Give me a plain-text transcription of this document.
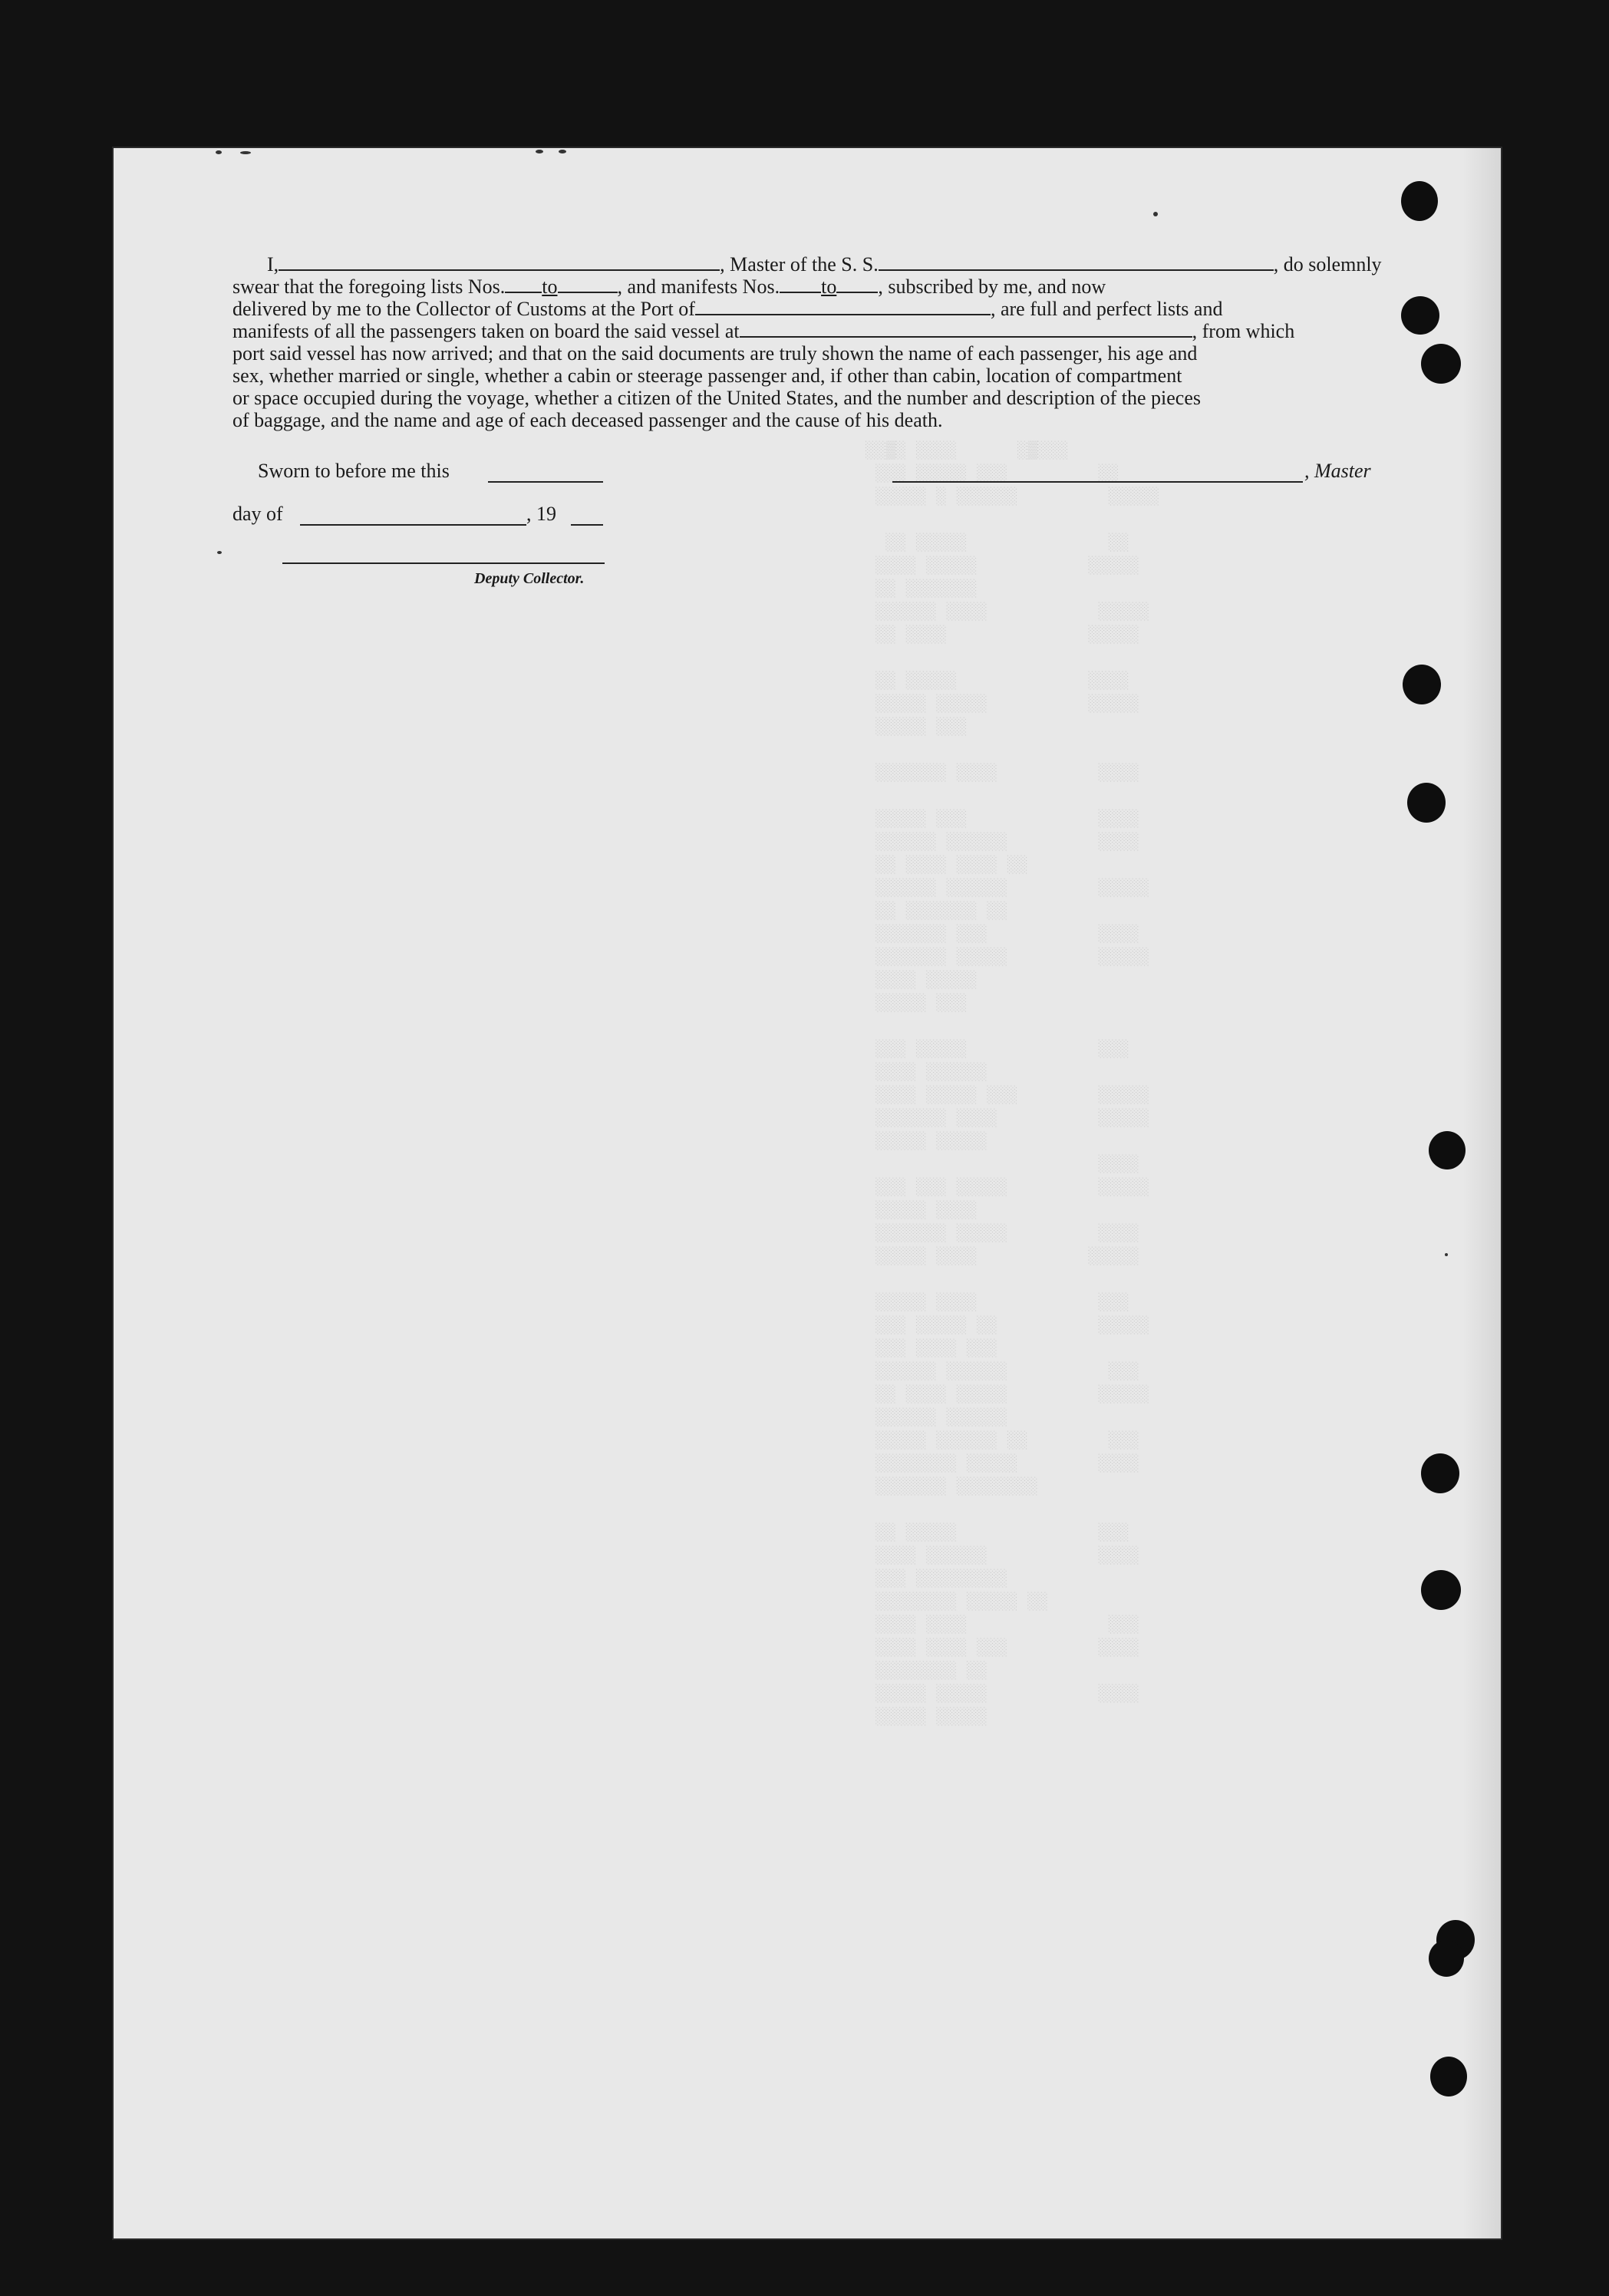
░░▒░ ░░░░      ░▒░░░
░░░ ░░░░░ ░░░         ░░
░░░░░ ░ ░░░░░░         ░░░░░

░░ ░░░░░              ░░
░░░░ ░░░░░           ░░░░░
░░ ░░░░░░░
░░░░░░ ░░░░           ░░░░░
░░ ░░░░              ░░░░░

░░ ░░░░░             ░░░░
░░░░░ ░░░░░          ░░░░░
░░░░░ ░░░

░░░░░░░ ░░░░          ░░░░

░░░░░ ░░░             ░░░░
░░░░░░ ░░░░░░         ░░░░
░░ ░░░░ ░░░░ ░░
░░░░░░ ░░░░░░         ░░░░░
░░ ░░░░░░░ ░░
░░░░░░░ ░░░           ░░░░
░░░░░░░ ░░░░░         ░░░░░
░░░░ ░░░░░
░░░░░ ░░░

░░░ ░░░░░             ░░░
░░░░ ░░░░░░
░░░░ ░░░░░ ░░░        ░░░░░
░░░░░░░ ░░░░          ░░░░░
░░░░░ ░░░░░
░░░░
░░░ ░░░ ░░░░░         ░░░░░
░░░░░ ░░░░
░░░░░░░ ░░░░░         ░░░░
░░░░░ ░░░░           ░░░░░

░░░░░ ░░░░            ░░░
░░░ ░░░░░ ░░          ░░░░░
░░░ ░░░░ ░░░
░░░░░░ ░░░░░░          ░░░
░░ ░░░░ ░░░░░         ░░░░░
░░░░░░ ░░░░░░
░░░░░ ░░░░░░ ░░        ░░░
░░░░░░░░ ░░░░░        ░░░░
░░░░░░░ ░░░░░░░░

░░ ░░░░░              ░░░
░░░░ ░░░░░░           ░░░░
░░░ ░░░░░░░░░
░░░░░░░░ ░░░░░ ░░
░░░░ ░░░░              ░░░
░░░░ ░░░░ ░░░         ░░░░
░░░░░░░░ ░░
░░░░░ ░░░░░           ░░░░
░░░░░ ░░░░░

I,	, Master of the S. S.	, do solemnly

swear that the foregoing lists Nos. to	, and manifests Nos. to , subscribed by me, and now

delivered by me to the Collector of Customs at the Port of	, are full and perfect lists and

manifests of all the passengers taken on board the said vessel at	, from which

port said vessel has now arrived; and that on the said documents are truly shown the name of each passenger, his age and

sex, whether married or single, whether a cabin or steerage passenger and, if other than cabin, location of compartment

or space occupied during the voyage, whether a citizen of the United States, and the number and description of the pieces

of baggage, and the name and age of each deceased passenger and the cause of his death.

Sworn to before me this	, Master
day of	, 19
Deputy Collector.
